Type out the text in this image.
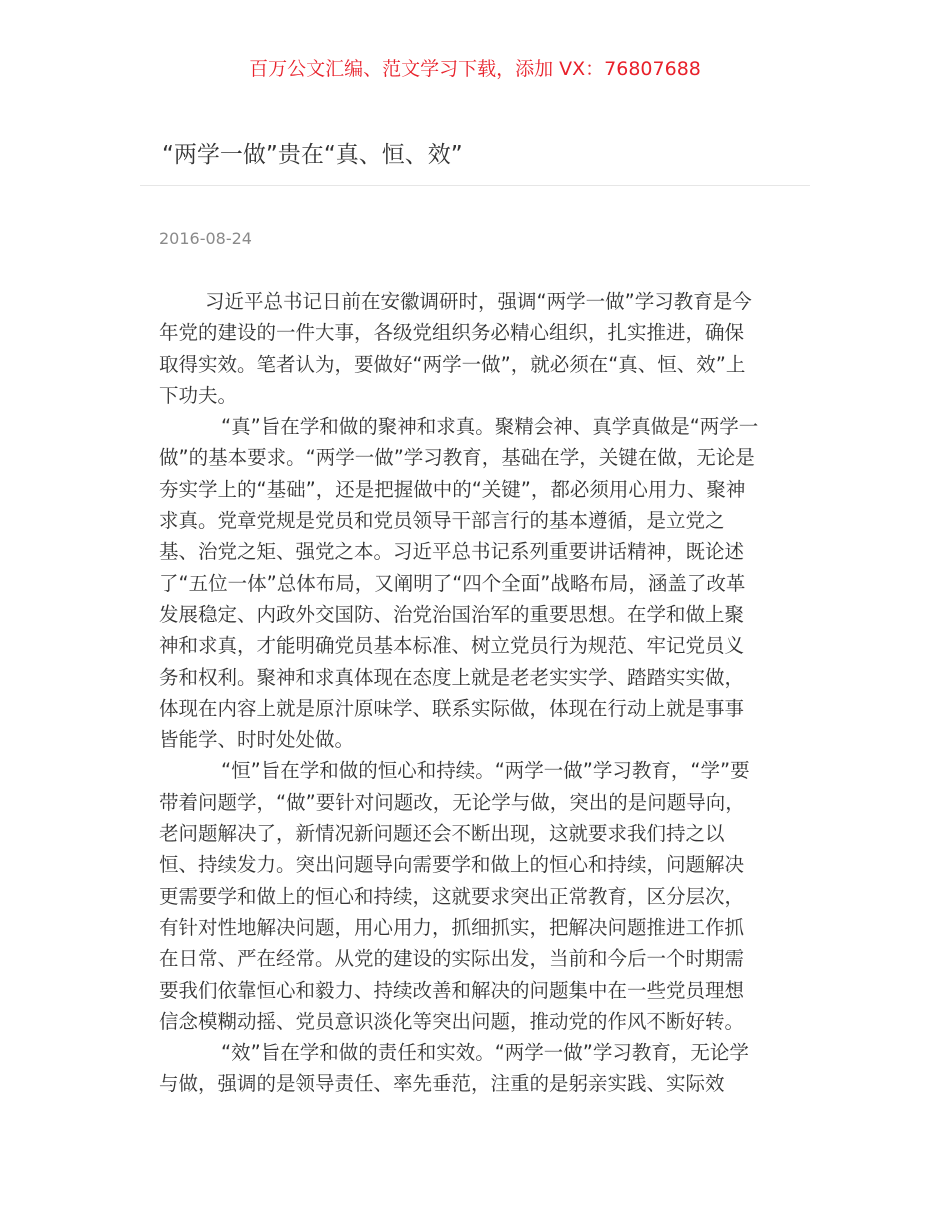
百万公文汇编、范文学习下载，添加 VX：76807688
“两学一做”贵在“真、恒、效”
2016-08-24
习近平总书记日前在安徽调研时，强调“两学一做”学习教育是今
年党的建设的一件大事，各级党组织务必精心组织，扎实推进，确保
取得实效。笔者认为，要做好“两学一做”，就必须在“真、恒、效”上
下功夫。
“真”旨在学和做的聚神和求真。聚精会神、真学真做是“两学一
做”的基本要求。“两学一做”学习教育，基础在学，关键在做，无论是
夯实学上的“基础”，还是把握做中的“关键”，都必须用心用力、聚神
求真。党章党规是党员和党员领导干部言行的基本遵循，是立党之
基、治党之矩、强党之本。习近平总书记系列重要讲话精神，既论述
了“五位一体”总体布局，又阐明了“四个全面”战略布局，涵盖了改革
发展稳定、内政外交国防、治党治国治军的重要思想。在学和做上聚
神和求真，才能明确党员基本标准、树立党员行为规范、牢记党员义
务和权利。聚神和求真体现在态度上就是老老实实学、踏踏实实做，
体现在内容上就是原汁原味学、联系实际做，体现在行动上就是事事
皆能学、时时处处做。
“恒”旨在学和做的恒心和持续。“两学一做”学习教育，“学”要
带着问题学，“做”要针对问题改，无论学与做，突出的是问题导向，
老问题解决了，新情况新问题还会不断出现，这就要求我们持之以
恒、持续发力。突出问题导向需要学和做上的恒心和持续，问题解决
更需要学和做上的恒心和持续，这就要求突出正常教育，区分层次，
有针对性地解决问题，用心用力，抓细抓实，把解决问题推进工作抓
在日常、严在经常。从党的建设的实际出发，当前和今后一个时期需
要我们依靠恒心和毅力、持续改善和解决的问题集中在一些党员理想
信念模糊动摇、党员意识淡化等突出问题，推动党的作风不断好转。
“效”旨在学和做的责任和实效。“两学一做”学习教育，无论学
与做，强调的是领导责任、率先垂范，注重的是躬亲实践、实际效
